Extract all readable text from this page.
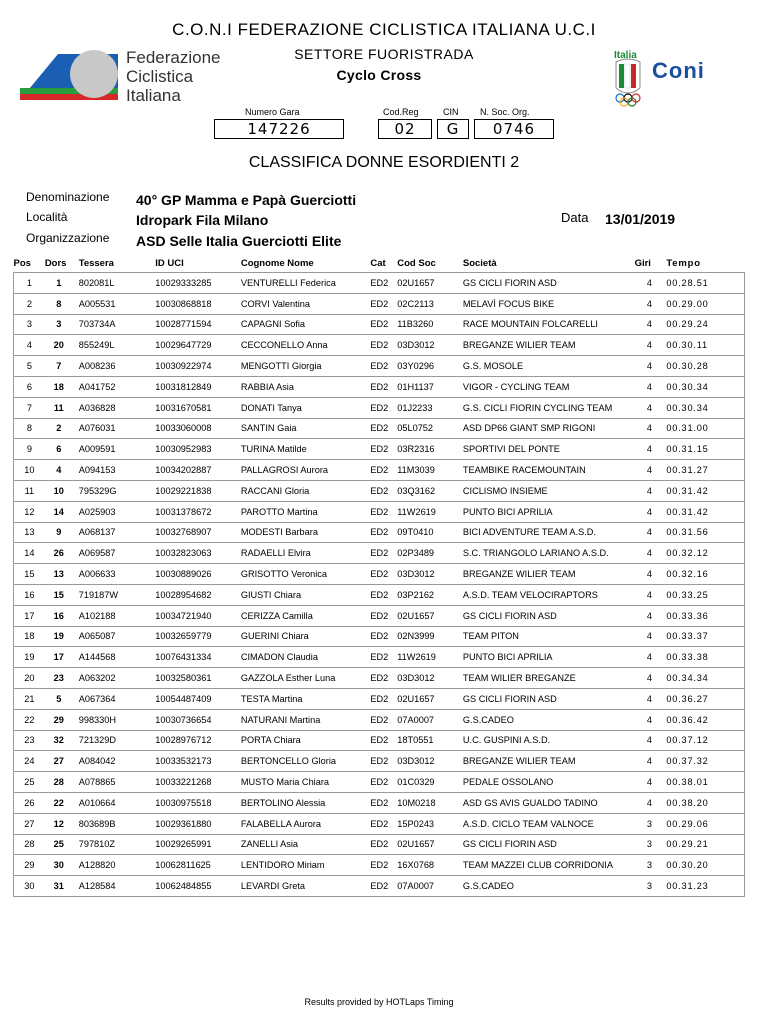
C.O.N.I FEDERAZIONE CICLISTICA ITALIANA U.C.I
SETTORE FUORISTRADA
Cyclo Cross
Federazione
Ciclistica
Italiana
Italia
Coni
Numero Gara
147226
Cod.Reg
02
CIN
G
N. Soc. Org.
0746
CLASSIFICA DONNE ESORDIENTI 2
Denominazione 40° GP Mamma e Papà Guerciotti
Località	Idropark Fila Milano
Organizzazione ASD Selle Italia Guerciotti Elite
Data 13/01/2019
Pos	Dors	Tessera	ID UCI	Cognome Nome	Cat	Cod Soc	Società	Giri	Tempo
1	1	802081L	10029333285	VENTURELLI Federica	ED2	02U1657	GS CICLI FIORIN ASD	4	00.28.51
2	8	A005531	10030868818	CORVI Valentina	ED2	02C2113	MELAVÌ FOCUS BIKE	4	00.29.00
3	3	703734A	10028771594	CAPAGNI Sofia	ED2	11B3260	RACE MOUNTAIN FOLCARELLI	4	00.29.24
4	20	855249L	10029647729	CECCONELLO Anna	ED2	03D3012	BREGANZE WILIER TEAM	4	00.30.11
5	7	A008236	10030922974	MENGOTTI Giorgia	ED2	03Y0296	G.S. MOSOLE	4	00.30.28
6	18	A041752	10031812849	RABBIA Asia	ED2	01H1137	VIGOR - CYCLING TEAM	4	00.30.34
7	11	A036828	10031670581	DONATI Tanya	ED2	01J2233	G.S. CICLI FIORIN CYCLING TEAM	4	00.30.34
8	2	A076031	10033060008	SANTIN Gaia	ED2	05L0752	ASD DP66 GIANT SMP RIGONI	4	00.31.00
9	6	A009591	10030952983	TURINA Matilde	ED2	03R2316	SPORTIVI DEL PONTE	4	00.31.15
10	4	A094153	10034202887	PALLAGROSI Aurora	ED2	11M3039	TEAMBIKE RACEMOUNTAIN	4	00.31.27
11	10	795329G	10029221838	RACCANI Gloria	ED2	03Q3162	CICLISMO INSIEME	4	00.31.42
12	14	A025903	10031378672	PAROTTO Martina	ED2	11W2619	PUNTO BICI APRILIA	4	00.31.42
13	9	A068137	10032768907	MODESTI Barbara	ED2	09T0410	BICI ADVENTURE TEAM A.S.D.	4	00.31.56
14	26	A069587	10032823063	RADAELLI Elvira	ED2	02P3489	S.C. TRIANGOLO LARIANO A.S.D.	4	00.32.12
15	13	A006633	10030889026	GRISOTTO Veronica	ED2	03D3012	BREGANZE WILIER TEAM	4	00.32.16
16	15	719187W	10028954682	GIUSTI Chiara	ED2	03P2162	A.S.D. TEAM VELOCIRAPTORS	4	00.33.25
17	16	A102188	10034721940	CERIZZA Camilla	ED2	02U1657	GS CICLI FIORIN ASD	4	00.33.36
18	19	A065087	10032659779	GUERINI Chiara	ED2	02N3999	TEAM PITON	4	00.33.37
19	17	A144568	10076431334	CIMADON Claudia	ED2	11W2619	PUNTO BICI APRILIA	4	00.33.38
20	23	A063202	10032580361	GAZZOLA Esther Luna	ED2	03D3012	TEAM WILIER BREGANZE	4	00.34.34
21	5	A067364	10054487409	TESTA Martina	ED2	02U1657	GS CICLI FIORIN ASD	4	00.36.27
22	29	998330H	10030736654	NATURANI Martina	ED2	07A0007	G.S.CADEO	4	00.36.42
23	32	721329D	10028976712	PORTA Chiara	ED2	18T0551	U.C. GUSPINI A.S.D.	4	00.37.12
24	27	A084042	10033532173	BERTONCELLO Gloria	ED2	03D3012	BREGANZE WILIER TEAM	4	00.37.32
25	28	A078865	10033221268	MUSTO Maria Chiara	ED2	01C0329	PEDALE OSSOLANO	4	00.38.01
26	22	A010664	10030975518	BERTOLINO Alessia	ED2	10M0218	ASD GS AVIS GUALDO TADINO	4	00.38.20
27	12	803689B	10029361880	FALABELLA Aurora	ED2	15P0243	A.S.D. CICLO TEAM VALNOCE	3	00.29.06
28	25	797810Z	10029265991	ZANELLI Asia	ED2	02U1657	GS CICLI FIORIN ASD	3	00.29.21
29	30	A128820	10062811625	LENTIDORO Miriam	ED2	16X0768	TEAM MAZZEI CLUB CORRIDONIA	3	00.30.20
30	31	A128584	10062484855	LEVARDI Greta	ED2	07A0007	G.S.CADEO	3	00.31.23
Results provided by HOTLaps Timing
